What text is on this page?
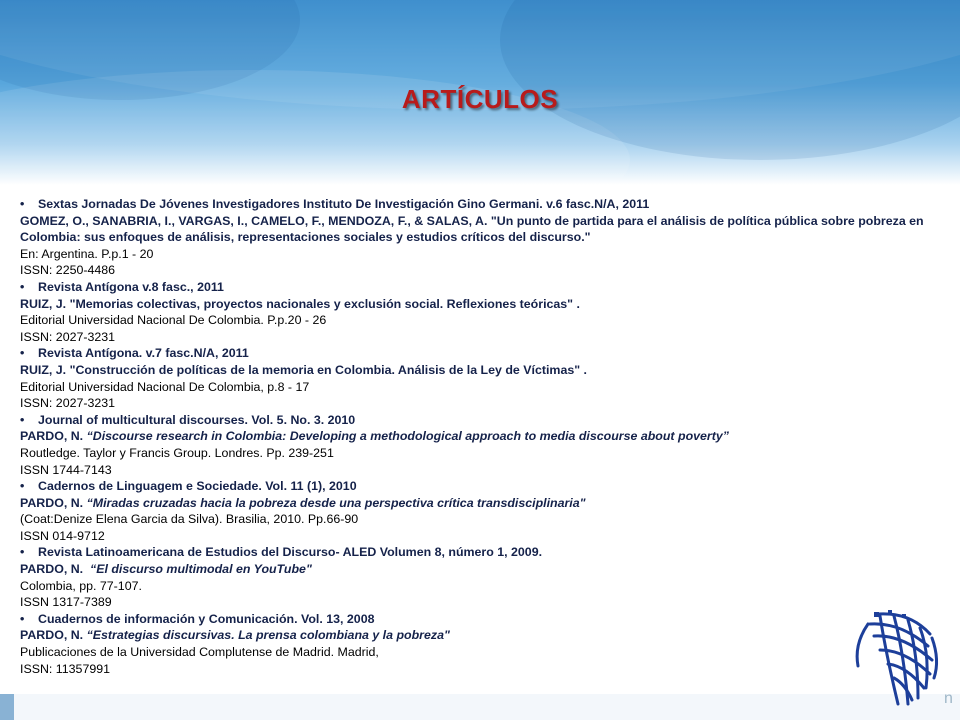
ARTÍCULOS
• Sextas Jornadas De Jóvenes Investigadores Instituto De Investigación Gino Germani. v.6 fasc.N/A, 2011
GOMEZ, O., SANABRIA, I., VARGAS, I., CAMELO, F., MENDOZA, F., & SALAS, A. "Un punto de partida para el análisis de política pública sobre pobreza en Colombia: sus enfoques de análisis, representaciones sociales y estudios críticos del discurso."
En: Argentina. P.p.1 - 20
ISSN: 2250-4486
• Revista Antígona v.8 fasc., 2011
RUIZ, J. "Memorias colectivas, proyectos nacionales y exclusión social. Reflexiones teóricas" .
Editorial Universidad Nacional De Colombia. P.p.20 - 26
ISSN: 2027-3231
• Revista Antígona. v.7 fasc.N/A, 2011
RUIZ, J. "Construcción de políticas de la memoria en Colombia. Análisis de la Ley de Víctimas" .
Editorial Universidad Nacional De Colombia, p.8 - 17
ISSN: 2027-3231
• Journal of multicultural discourses. Vol. 5. No. 3. 2010
PARDO, N. “Discourse research in Colombia: Developing a methodological approach to media discourse about poverty”
Routledge. Taylor y Francis Group. Londres. Pp. 239-251
ISSN 1744-7143
• Cadernos de Linguagem e Sociedade. Vol. 11 (1), 2010
PARDO, N. “Miradas cruzadas hacia la pobreza desde una perspectiva crítica transdisciplinaria"
(Coat:Denize Elena Garcia da Silva). Brasilia, 2010. Pp.66-90
ISSN 014-9712
• Revista Latinoamericana de Estudios del Discurso- ALED Volumen 8, número 1, 2009.
PARDO, N. “El discurso multimodal en YouTube"
Colombia, pp. 77-107.
ISSN 1317-7389
• Cuadernos de información y Comunicación. Vol. 13, 2008
PARDO, N. “Estrategias discursivas. La prensa colombiana y la pobreza"
Publicaciones de la Universidad Complutense de Madrid. Madrid,
ISSN: 11357991
n
